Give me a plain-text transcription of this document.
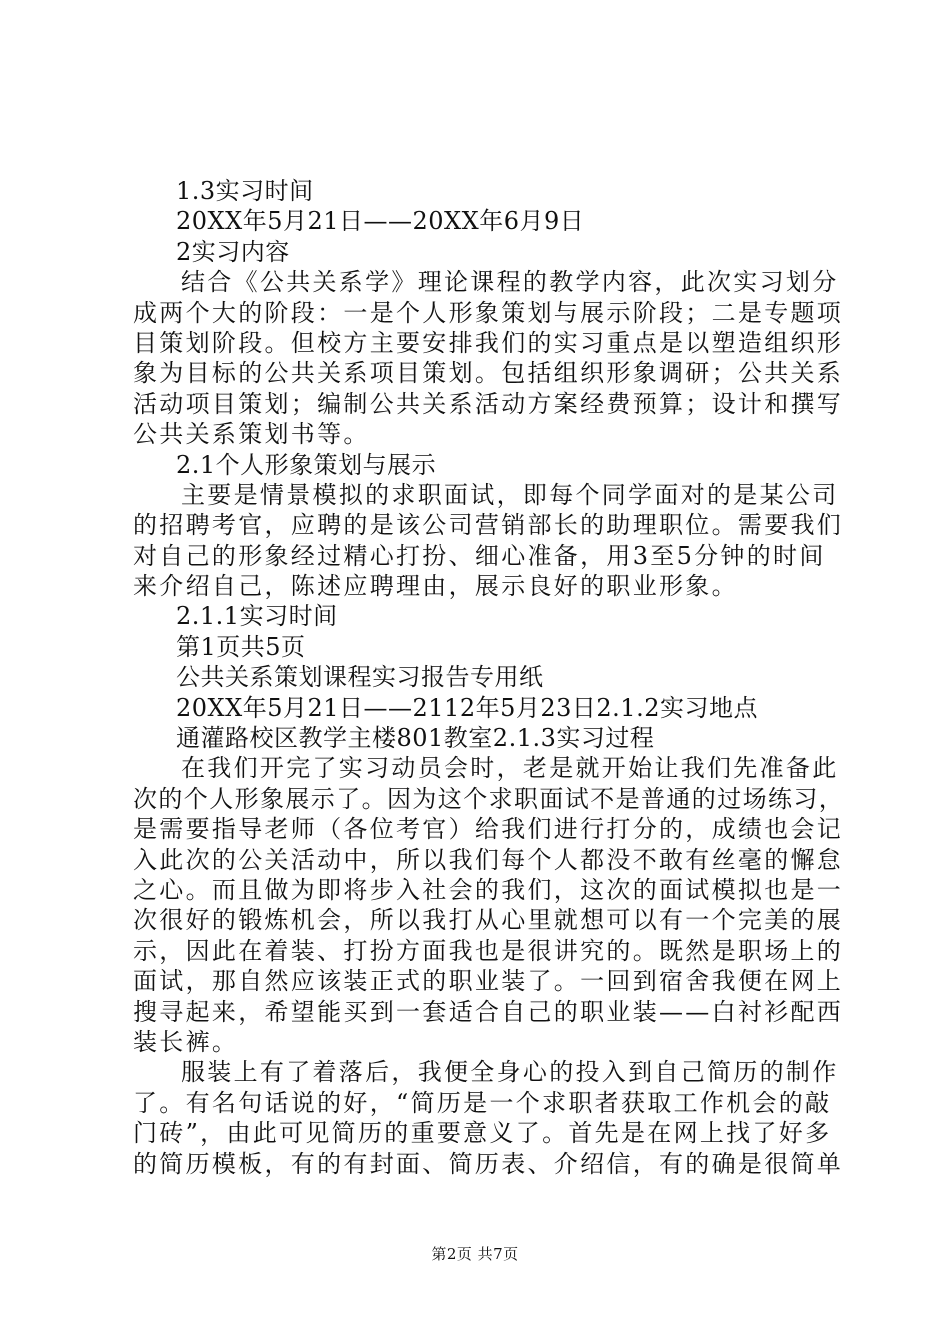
1.3实习时间
20XX年5月21日——20XX年6月9日
2实习内容
结合《公共关系学》理论课程的教学内容，此次实习划分
成两个大的阶段：一是个人形象策划与展示阶段；二是专题项
目策划阶段。但校方主要安排我们的实习重点是以塑造组织形
象为目标的公共关系项目策划。包括组织形象调研；公共关系
活动项目策划；编制公共关系活动方案经费预算；设计和撰写
公共关系策划书等。
2.1个人形象策划与展示
主要是情景模拟的求职面试，即每个同学面对的是某公司
的招聘考官，应聘的是该公司营销部长的助理职位。需要我们
对自己的形象经过精心打扮、细心准备，用3至5分钟的时间
来介绍自己，陈述应聘理由，展示良好的职业形象。
2.1.1实习时间
第1页共5页
公共关系策划课程实习报告专用纸
20XX年5月21日——2112年5月23日2.1.2实习地点
通灌路校区教学主楼801教室2.1.3实习过程
在我们开完了实习动员会时，老是就开始让我们先准备此
次的个人形象展示了。因为这个求职面试不是普通的过场练习，
是需要指导老师（各位考官）给我们进行打分的，成绩也会记
入此次的公关活动中，所以我们每个人都没不敢有丝毫的懈怠
之心。而且做为即将步入社会的我们，这次的面试模拟也是一
次很好的锻炼机会，所以我打从心里就想可以有一个完美的展
示，因此在着装、打扮方面我也是很讲究的。既然是职场上的
面试，那自然应该装正式的职业装了。一回到宿舍我便在网上
搜寻起来，希望能买到一套适合自己的职业装——白衬衫配西
装长裤。
服装上有了着落后，我便全身心的投入到自己简历的制作
了。有名句话说的好，“简历是一个求职者获取工作机会的敲
门砖”，由此可见简历的重要意义了。首先是在网上找了好多
的简历模板，有的有封面、简历表、介绍信，有的确是很简单
第2页 共7页
